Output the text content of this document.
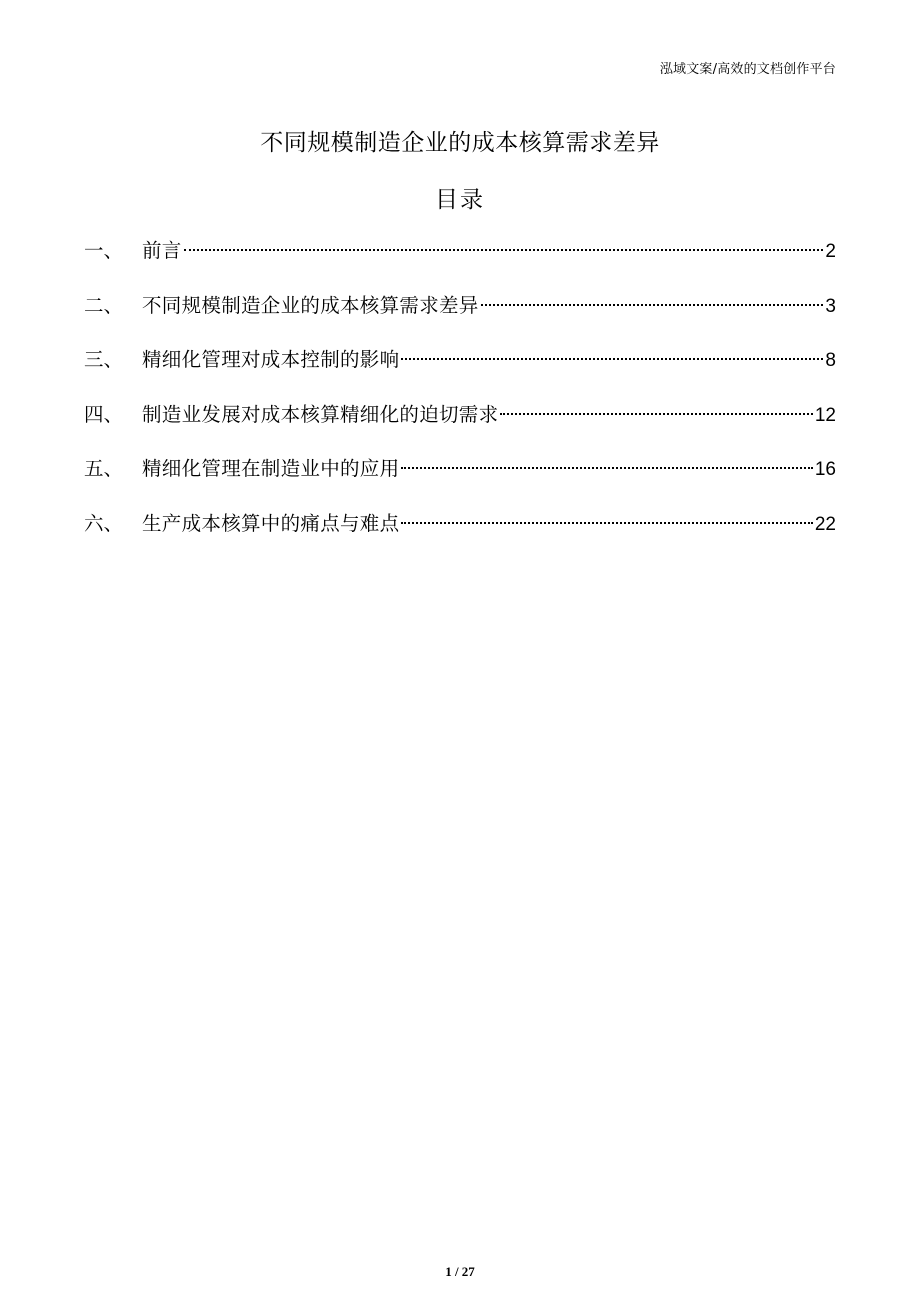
泓域文案/高效的文档创作平台
不同规模制造企业的成本核算需求差异
目录
一、 前言	2
二、 不同规模制造企业的成本核算需求差异	3
三、 精细化管理对成本控制的影响	8
四、 制造业发展对成本核算精细化的迫切需求	12
五、 精细化管理在制造业中的应用	16
六、 生产成本核算中的痛点与难点	22
1 / 27
